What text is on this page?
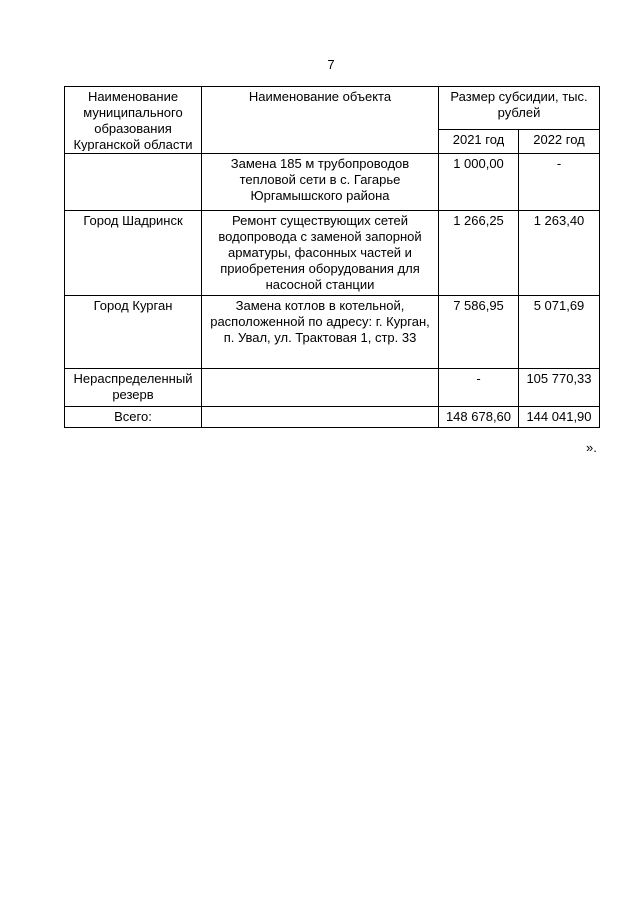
7
Наименование муниципального образования Курганской области	Наименование объекта	Размер субсидии, тыс. рублей	
		2021 год	2022 год
	Замена 185 м трубопроводов тепловой сети в с. Гагарье Юргамышского района	1 000,00	-
Город Шадринск	Ремонт существующих сетей водопровода с заменой запорной арматуры, фасонных частей и приобретения оборудования для насосной станции	1 266,25	1 263,40
Город Курган	Замена котлов в котельной, расположенной по адресу: г. Курган, п. Увал, ул. Трактовая 1, стр. 33	7 586,95	5 071,69
Нераспределенный резерв		-	105 770,33
Всего:		148 678,60	144 041,90
».
